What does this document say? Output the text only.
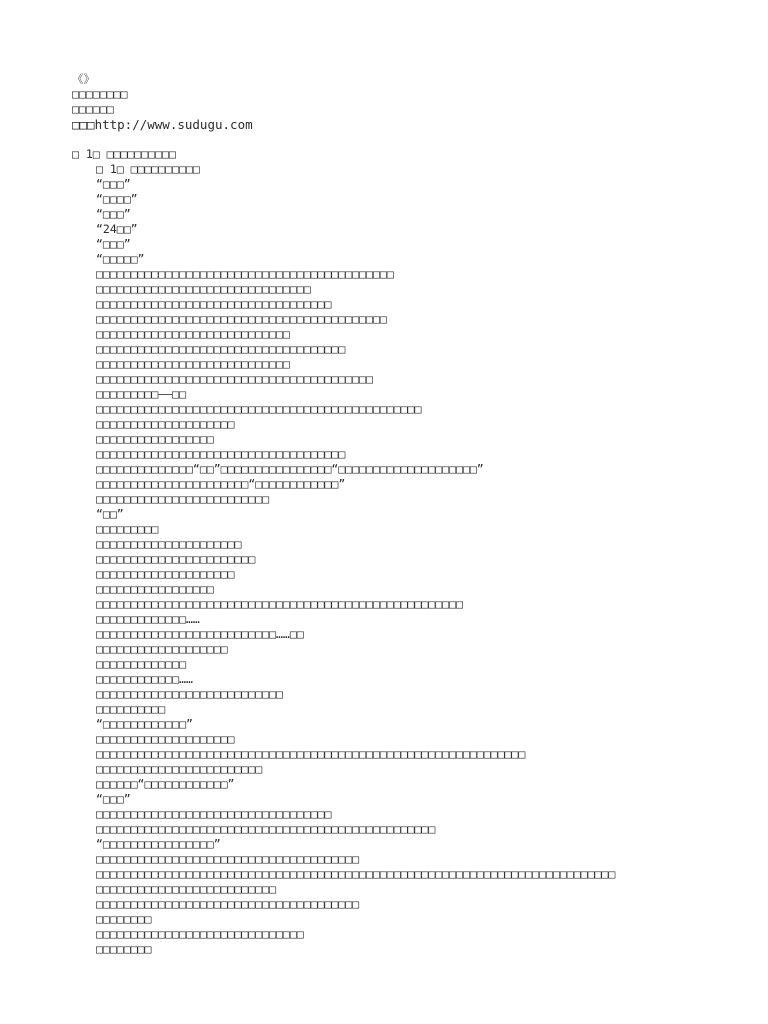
《》
□□□□□□□□
□□□□□□
□□□http://www.sudugu.com
□ 1□ □□□□□□□□□□
□ 1□ □□□□□□□□□□
“□□□”
“□□□□”
“□□□”
“24□□”
“□□□”
“□□□□□”
□□□□□□□□□□□□□□□□□□□□□□□□□□□□□□□□□□□□□□□□□□□
□□□□□□□□□□□□□□□□□□□□□□□□□□□□□□□
□□□□□□□□□□□□□□□□□□□□□□□□□□□□□□□□□□
□□□□□□□□□□□□□□□□□□□□□□□□□□□□□□□□□□□□□□□□□□
□□□□□□□□□□□□□□□□□□□□□□□□□□□□
□□□□□□□□□□□□□□□□□□□□□□□□□□□□□□□□□□□□
□□□□□□□□□□□□□□□□□□□□□□□□□□□□
□□□□□□□□□□□□□□□□□□□□□□□□□□□□□□□□□□□□□□□□
□□□□□□□□□——□□
□□□□□□□□□□□□□□□□□□□□□□□□□□□□□□□□□□□□□□□□□□□□□□□
□□□□□□□□□□□□□□□□□□□□
□□□□□□□□□□□□□□□□□
□□□□□□□□□□□□□□□□□□□□□□□□□□□□□□□□□□□□
□□□□□□□□□□□□□□“□□”□□□□□□□□□□□□□□□□“□□□□□□□□□□□□□□□□□□□□”
□□□□□□□□□□□□□□□□□□□□□□“□□□□□□□□□□□□”
□□□□□□□□□□□□□□□□□□□□□□□□□
“□□”
□□□□□□□□□
□□□□□□□□□□□□□□□□□□□□□
□□□□□□□□□□□□□□□□□□□□□□□
□□□□□□□□□□□□□□□□□□□□
□□□□□□□□□□□□□□□□□
□□□□□□□□□□□□□□□□□□□□□□□□□□□□□□□□□□□□□□□□□□□□□□□□□□□□□
□□□□□□□□□□□□□……
□□□□□□□□□□□□□□□□□□□□□□□□□□……□□
□□□□□□□□□□□□□□□□□□□
□□□□□□□□□□□□□
□□□□□□□□□□□□……
□□□□□□□□□□□□□□□□□□□□□□□□□□□
□□□□□□□□□□
“□□□□□□□□□□□□”
□□□□□□□□□□□□□□□□□□□□
□□□□□□□□□□□□□□□□□□□□□□□□□□□□□□□□□□□□□□□□□□□□□□□□□□□□□□□□□□□□□□
□□□□□□□□□□□□□□□□□□□□□□□□
□□□□□□“□□□□□□□□□□□□”
“□□□”
□□□□□□□□□□□□□□□□□□□□□□□□□□□□□□□□□□
□□□□□□□□□□□□□□□□□□□□□□□□□□□□□□□□□□□□□□□□□□□□□□□□□
“□□□□□□□□□□□□□□□□”
□□□□□□□□□□□□□□□□□□□□□□□□□□□□□□□□□□□□□□
□□□□□□□□□□□□□□□□□□□□□□□□□□□□□□□□□□□□□□□□□□□□□□□□□□□□□□□□□□□□□□□□□□□□□□□□□□□
□□□□□□□□□□□□□□□□□□□□□□□□□□
□□□□□□□□□□□□□□□□□□□□□□□□□□□□□□□□□□□□□□
□□□□□□□□
□□□□□□□□□□□□□□□□□□□□□□□□□□□□□□
□□□□□□□□
